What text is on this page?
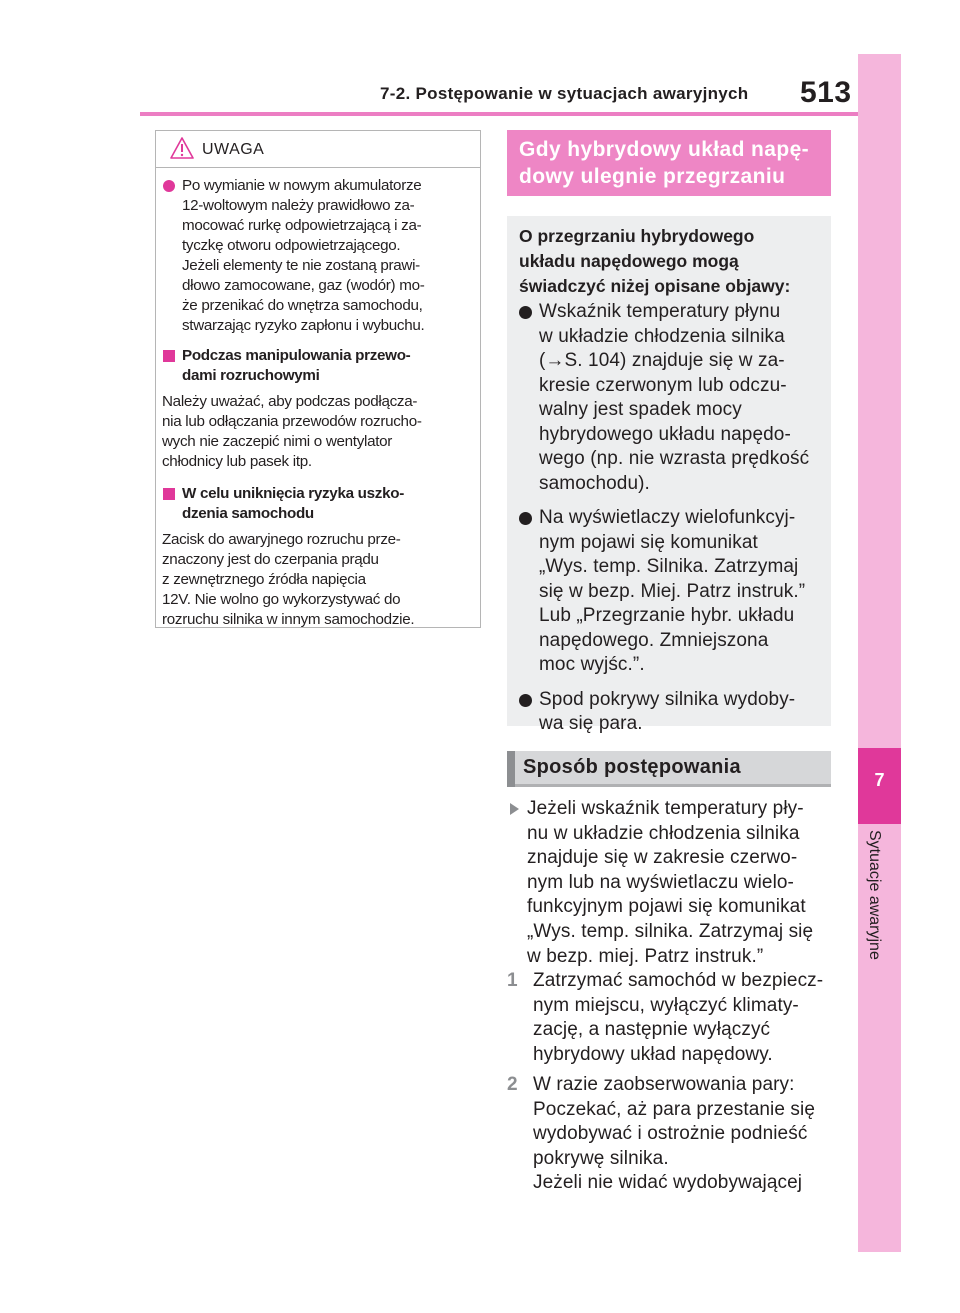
7-2. Postępowanie w sytuacjach awaryjnych 513
7
Sytuacje awaryjne
UWAGA

Po wymianie w nowym akumulatorze

12-woltowym należy prawidłowo za-

mocować rurkę odpowietrzającą i za-

tyczkę otworu odpowietrzającego.

Jeżeli elementy te nie zostaną prawi-

dłowo zamocowane, gaz (wodór) mo-

że przenikać do wnętrza samochodu,

stwarzając ryzyko zapłonu i wybuchu.

Podczas manipulowania przewo-

dami rozruchowymi

Należy uważać, aby podczas podłącza-

nia lub odłączania przewodów rozrucho-

wych nie zaczepić nimi o wentylator

chłodnicy lub pasek itp.

W celu uniknięcia ryzyka uszko-

dzenia samochodu

Zacisk do awaryjnego rozruchu prze-

znaczony jest do czerpania prądu

z zewnętrznego źródła napięcia

12V. Nie wolno go wykorzystywać do

rozruchu silnika w innym samochodzie.

Gdy hybrydowy układ napę-
dowy ulegnie przegrzaniu
O przegrzaniu hybrydowego
układu napędowego mogą
świadczyć niżej opisane objawy:
Wskaźnik temperatury płynu
w układzie chłodzenia silnika
(→S. 104) znajduje się w za-
kresie czerwonym lub odczu-
walny jest spadek mocy
hybrydowego układu napędo-
wego (np. nie wzrasta prędkość
samochodu).
Na wyświetlaczy wielofunkcyj-
nym pojawi się komunikat
„Wys. temp. Silnika. Zatrzymaj
się w bezp. Miej. Patrz instruk.”
Lub „Przegrzanie hybr. układu
napędowego. Zmniejszona
moc wyjśc.”.
Spod pokrywy silnika wydoby-
wa się para.
Sposób postępowania
Jeżeli wskaźnik temperatury pły-
nu w układzie chłodzenia silnika
znajduje się w zakresie czerwo-
nym lub na wyświetlaczu wielo-
funkcyjnym pojawi się komunikat
„Wys. temp. silnika. Zatrzymaj się
w bezp. miej. Patrz instruk.”
1 Zatrzymać samochód w bezpiecz-
nym miejscu, wyłączyć klimaty-
zację, a następnie wyłączyć
hybrydowy układ napędowy.
2 W razie zaobserwowania pary:
Poczekać, aż para przestanie się
wydobywać i ostrożnie podnieść
pokrywę silnika.
Jeżeli nie widać wydobywającej
